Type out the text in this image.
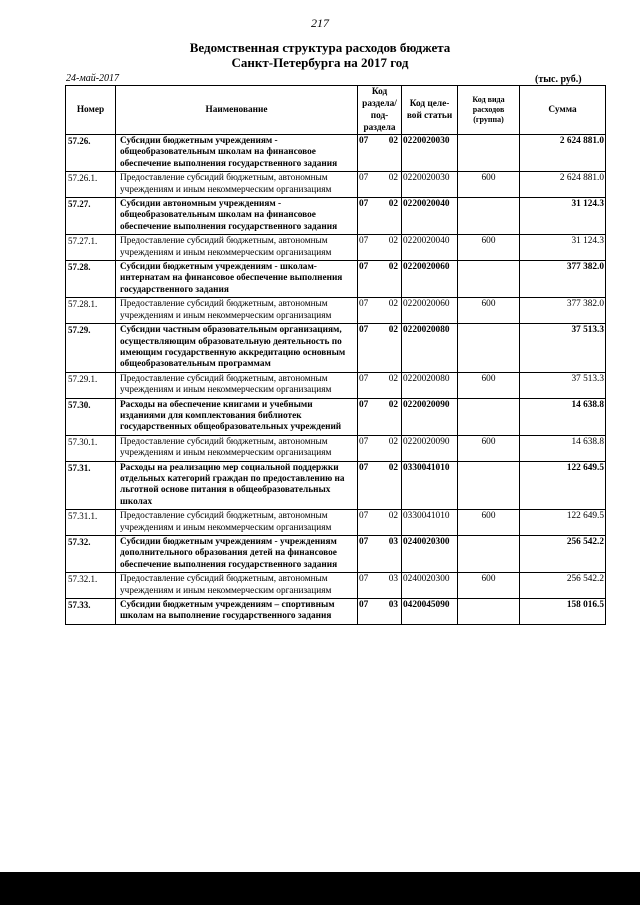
217
Ведомственная структура расходов бюджета
Санкт-Петербурга на 2017 год
24-май-2017	(тыс. руб.)
Номер	Наименование	Код раздела/ под-раздела		Код целе-вой статьи	Код вида расходов (группа)	Сумма
57.26.	Субсидии бюджетным учреждениям - общеобразовательным школам на финансовое обеспечение выполнения государственного задания	07	02	0220020030		2 624 881.0
57.26.1.	Предоставление субсидий бюджетным, автономным учреждениям и иным некоммерческим организациям	07	02	0220020030	600	2 624 881.0
57.27.	Субсидии автономным учреждениям - общеобразовательным школам на финансовое обеспечение выполнения государственного задания	07	02	0220020040		31 124.3
57.27.1.	Предоставление субсидий бюджетным, автономным учреждениям и иным некоммерческим организациям	07	02	0220020040	600	31 124.3
57.28.	Субсидии бюджетным учреждениям - школам-интернатам на финансовое обеспечение выполнения государственного задания	07	02	0220020060		377 382.0
57.28.1.	Предоставление субсидий бюджетным, автономным учреждениям и иным некоммерческим организациям	07	02	0220020060	600	377 382.0
57.29.	Субсидии частным образовательным организациям, осуществляющим образовательную деятельность по имеющим государственную аккредитацию основным общеобразовательным программам	07	02	0220020080		37 513.3
57.29.1.	Предоставление субсидий бюджетным, автономным учреждениям и иным некоммерческим организациям	07	02	0220020080	600	37 513.3
57.30.	Расходы на обеспечение книгами и учебными изданиями для комплектования библиотек государственных общеобразовательных учреждений	07	02	0220020090		14 638.8
57.30.1.	Предоставление субсидий бюджетным, автономным учреждениям и иным некоммерческим организациям	07	02	0220020090	600	14 638.8
57.31.	Расходы на реализацию мер социальной поддержки отдельных категорий граждан по предоставлению на льготной основе питания в общеобразовательных школах	07	02	0330041010		122 649.5
57.31.1.	Предоставление субсидий бюджетным, автономным учреждениям и иным некоммерческим организациям	07	02	0330041010	600	122 649.5
57.32.	Субсидии бюджетным учреждениям - учреждениям дополнительного образования детей на финансовое обеспечение выполнения государственного задания	07	03	0240020300		256 542.2
57.32.1.	Предоставление субсидий бюджетным, автономным учреждениям и иным некоммерческим организациям	07	03	0240020300	600	256 542.2
57.33.	Субсидии бюджетным учреждениям – спортивным школам на выполнение государственного задания	07	03	0420045090		158 016.5
